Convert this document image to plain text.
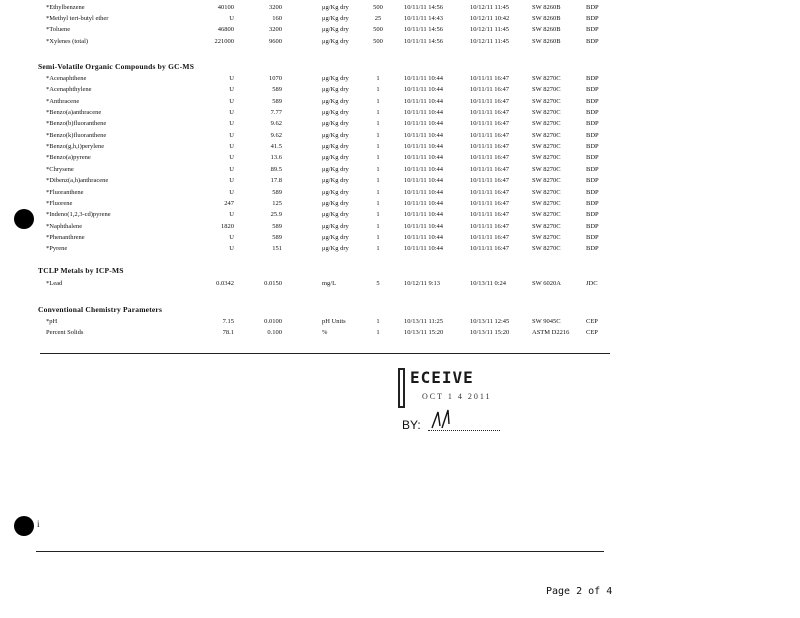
*Ethylbenzene	40100	3200	μg/Kg dry	500	10/11/11 14:56	10/12/11 11:45	SW 8260B	BDP
*Methyl tert-butyl ether	U	160	μg/Kg dry	25	10/11/11 14:43	10/12/11 10:42	SW 8260B	BDP
*Toluene	46800	3200	μg/Kg dry	500	10/11/11 14:56	10/12/11 11:45	SW 8260B	BDP
*Xylenes (total)	221000	9600	μg/Kg dry	500	10/11/11 14:56	10/12/11 11:45	SW 8260B	BDP
Semi-Volatile Organic Compounds by GC-MS
*Acenaphthene	U	1070	μg/Kg dry	1	10/11/11 10:44	10/11/11 16:47	SW 8270C	BDP
*Acenaphthylene	U	589	μg/Kg dry	1	10/11/11 10:44	10/11/11 16:47	SW 8270C	BDP
*Anthracene	U	589	μg/Kg dry	1	10/11/11 10:44	10/11/11 16:47	SW 8270C	BDP
*Benzo(a)anthracene	U	7.77	μg/Kg dry	1	10/11/11 10:44	10/11/11 16:47	SW 8270C	BDP
*Benzo(b)fluoranthene	U	9.62	μg/Kg dry	1	10/11/11 10:44	10/11/11 16:47	SW 8270C	BDP
*Benzo(k)fluoranthene	U	9.62	μg/Kg dry	1	10/11/11 10:44	10/11/11 16:47	SW 8270C	BDP
*Benzo(g,h,i)perylene	U	41.5	μg/Kg dry	1	10/11/11 10:44	10/11/11 16:47	SW 8270C	BDP
*Benzo(a)pyrene	U	13.6	μg/Kg dry	1	10/11/11 10:44	10/11/11 16:47	SW 8270C	BDP
*Chrysene	U	89.5	μg/Kg dry	1	10/11/11 10:44	10/11/11 16:47	SW 8270C	BDP
*Dibenz(a,h)anthracene	U	17.8	μg/Kg dry	1	10/11/11 10:44	10/11/11 16:47	SW 8270C	BDP
*Fluoranthene	U	589	μg/Kg dry	1	10/11/11 10:44	10/11/11 16:47	SW 8270C	BDP
*Fluorene	247	125	μg/Kg dry	1	10/11/11 10:44	10/11/11 16:47	SW 8270C	BDP
*Indeno(1,2,3-cd)pyrene	U	25.9	μg/Kg dry	1	10/11/11 10:44	10/11/11 16:47	SW 8270C	BDP
*Naphthalene	1820	589	μg/Kg dry	1	10/11/11 10:44	10/11/11 16:47	SW 8270C	BDP
*Phenanthrene	U	589	μg/Kg dry	1	10/11/11 10:44	10/11/11 16:47	SW 8270C	BDP
*Pyrene	U	151	μg/Kg dry	1	10/11/11 10:44	10/11/11 16:47	SW 8270C	BDP
TCLP Metals by ICP-MS
*Lead	0.0342	0.0150	mg/L	5	10/12/11 9:13	10/13/11 0:24	SW 6020A	JDC
Conventional Chemistry Parameters
*pH	7.15	0.0100	pH Units	1	10/13/11 11:25	10/13/11 12:45	SW 9045C	CEP
Percent Solids	78.1	0.100	%	1	10/13/11 15:20	10/13/11 15:20	ASTM D2216	CEP
ECEIVE
OCT 1 4 2011
BY:
i
Page 2 of 4
